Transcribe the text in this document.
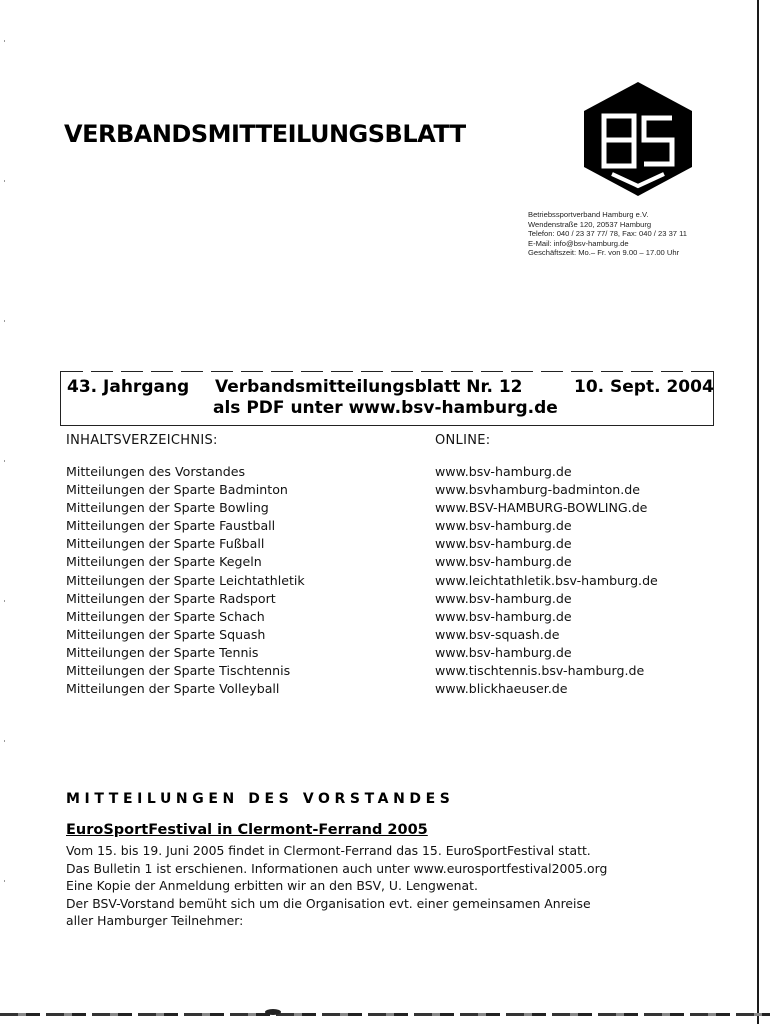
VERBANDSMITTEILUNGSBLATT
Betriebssportverband Hamburg e.V.
Wendenstraße 120, 20537 Hamburg
Telefon: 040 / 23 37 77/ 78, Fax: 040 / 23 37 11
E-Mail: info@bsv-hamburg.de
Geschäftszeit: Mo.– Fr. von 9.00 – 17.00 Uhr
43. Jahrgang Verbandsmitteilungsblatt Nr. 12	10. Sept. 2004
als PDF unter www.bsv-hamburg.de
INHALTSVERZEICHNIS:	ONLINE:
Mitteilungen des Vorstandes
Mitteilungen der Sparte Badminton
Mitteilungen der Sparte Bowling
Mitteilungen der Sparte Faustball
Mitteilungen der Sparte Fußball
Mitteilungen der Sparte Kegeln
Mitteilungen der Sparte Leichtathletik
Mitteilungen der Sparte Radsport
Mitteilungen der Sparte Schach
Mitteilungen der Sparte Squash
Mitteilungen der Sparte Tennis
Mitteilungen der Sparte Tischtennis
Mitteilungen der Sparte Volleyball
www.bsv-hamburg.de
www.bsvhamburg-badminton.de
www.BSV-HAMBURG-BOWLING.de
www.bsv-hamburg.de
www.bsv-hamburg.de
www.bsv-hamburg.de
www.leichtathletik.bsv-hamburg.de
www.bsv-hamburg.de
www.bsv-hamburg.de
www.bsv-squash.de
www.bsv-hamburg.de
www.tischtennis.bsv-hamburg.de
www.blickhaeuser.de
MITTEILUNGEN DES VORSTANDES
EuroSportFestival in Clermont-Ferrand 2005
Vom 15. bis 19. Juni 2005 findet in Clermont-Ferrand das 15. EuroSportFestival statt.
Das Bulletin 1 ist erschienen. Informationen auch unter www.eurosportfestival2005.org
Eine Kopie der Anmeldung erbitten wir an den BSV, U. Lengwenat.
Der BSV-Vorstand bemüht sich um die Organisation evt. einer gemeinsamen Anreise
aller Hamburger Teilnehmer:
